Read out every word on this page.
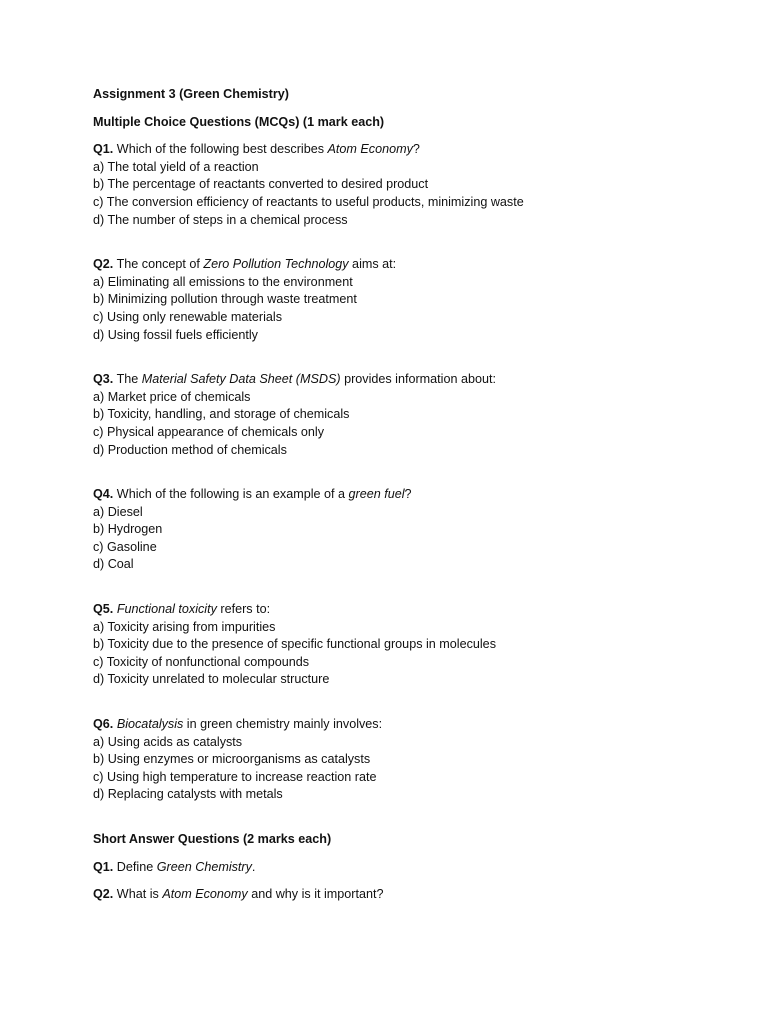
Assignment 3 (Green Chemistry)

Multiple Choice Questions (MCQs) (1 mark each)

Q1. Which of the following best describes Atom Economy?

a) The total yield of a reaction

b) The percentage of reactants converted to desired product

c) The conversion efficiency of reactants to useful products, minimizing waste

d) The number of steps in a chemical process

Q2. The concept of Zero Pollution Technology aims at:

a) Eliminating all emissions to the environment

b) Minimizing pollution through waste treatment

c) Using only renewable materials

d) Using fossil fuels efficiently

Q3. The Material Safety Data Sheet (MSDS) provides information about:

a) Market price of chemicals

b) Toxicity, handling, and storage of chemicals

c) Physical appearance of chemicals only

d) Production method of chemicals

Q4. Which of the following is an example of a green fuel?

a) Diesel

b) Hydrogen

c) Gasoline

d) Coal

Q5. Functional toxicity refers to:

a) Toxicity arising from impurities

b) Toxicity due to the presence of specific functional groups in molecules

c) Toxicity of nonfunctional compounds

d) Toxicity unrelated to molecular structure

Q6. Biocatalysis in green chemistry mainly involves:

a) Using acids as catalysts

b) Using enzymes or microorganisms as catalysts

c) Using high temperature to increase reaction rate

d) Replacing catalysts with metals

Short Answer Questions (2 marks each)

Q1. Define Green Chemistry.

Q2. What is Atom Economy and why is it important?
